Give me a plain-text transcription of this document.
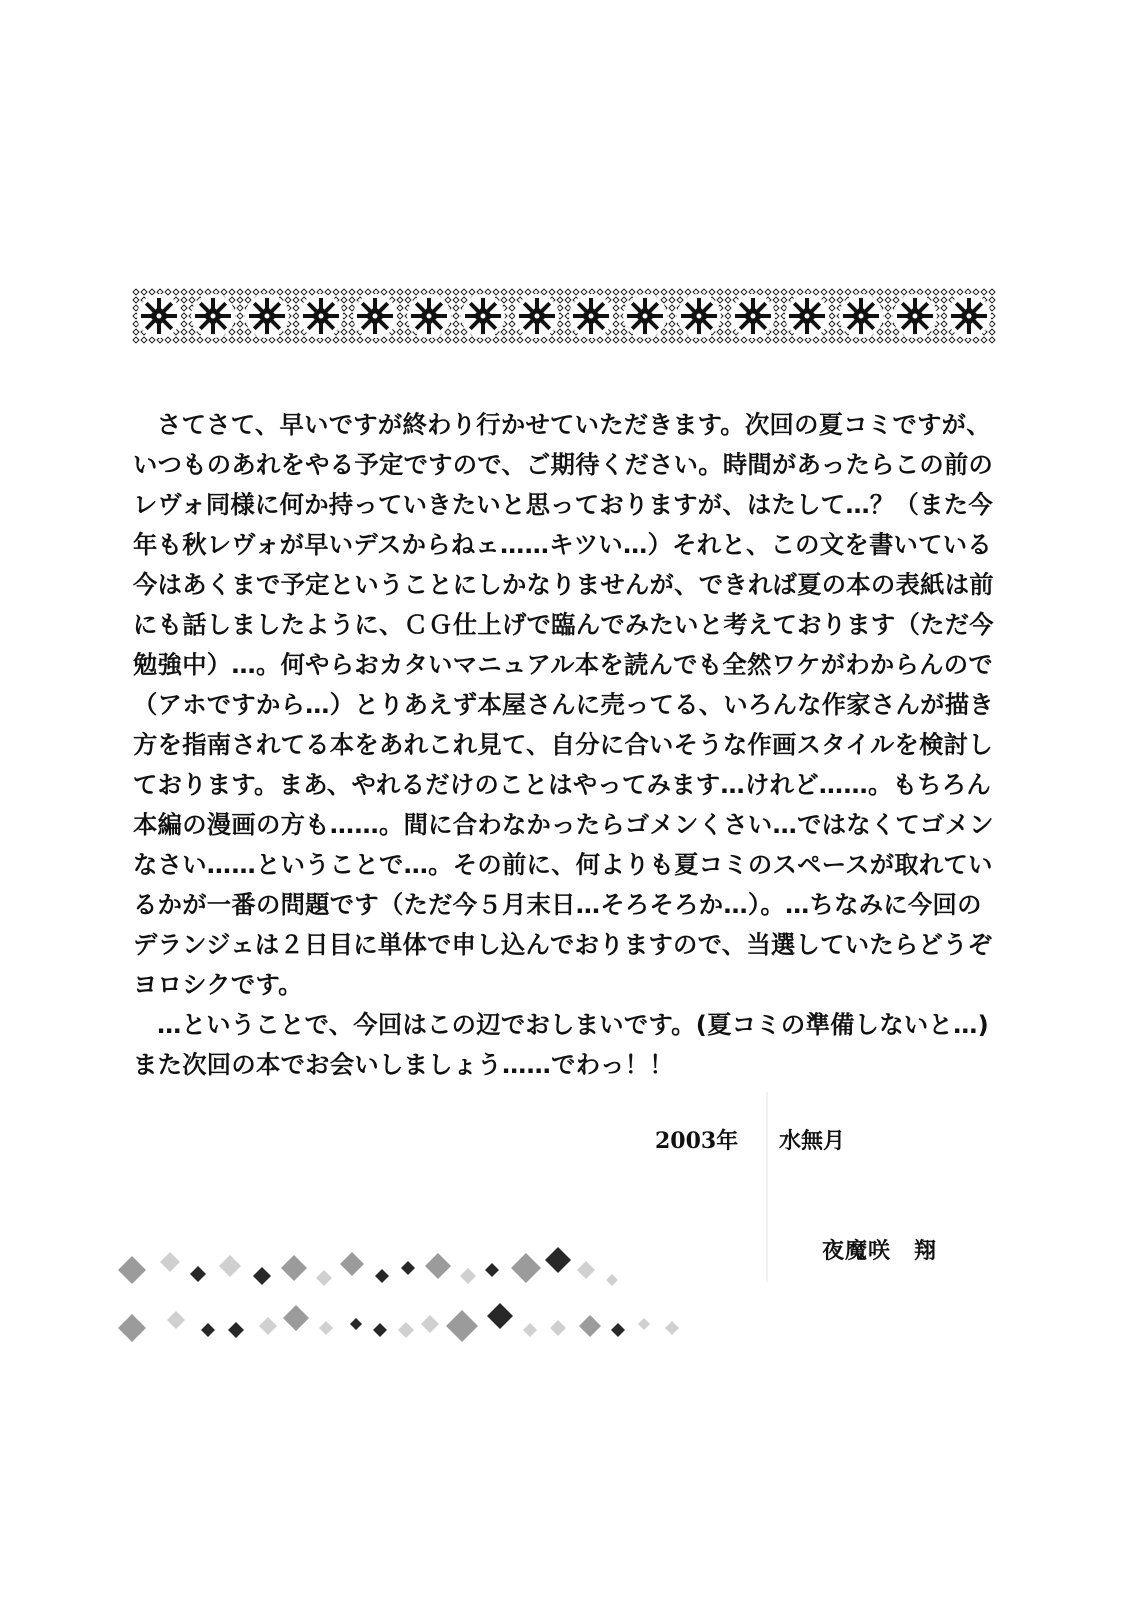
さてさて、早いですが終わり行かせていただきます。次回の夏コミですが、
いつものあれをやる予定ですので、ご期待ください。時間があったらこの前の
レヴォ同様に何か持っていきたいと思っておりますが、はたして…？（また今
年も秋レヴォが早いデスからねェ……キツい…）それと、この文を書いている
今はあくまで予定ということにしかなりませんが、できれば夏の本の表紙は前
にも話しましたように、ＣＧ仕上げで臨んでみたいと考えております（ただ今
勉強中）…。何やらおカタいマニュアル本を読んでも全然ワケがわからんので
（アホですから…）とりあえず本屋さんに売ってる、いろんな作家さんが描き
方を指南されてる本をあれこれ見て、自分に合いそうな作画スタイルを検討し
ております。まあ、やれるだけのことはやってみます…けれど……。もちろん
本編の漫画の方も……。間に合わなかったらゴメンくさい…ではなくてゴメン
なさい……ということで…。その前に、何よりも夏コミのスペースが取れてい
るかが一番の問題です（ただ今５月末日…そろそろか…）。…ちなみに今回の
デランジェは２日目に単体で申し込んでおりますので、当選していたらどうぞ
ヨロシクです。

…ということで、今回はこの辺でおしまいです。(夏コミの準備しないと…)
また次回の本でお会いしましょう……でわっ！！

2003年 水無月
夜魔咲　翔
